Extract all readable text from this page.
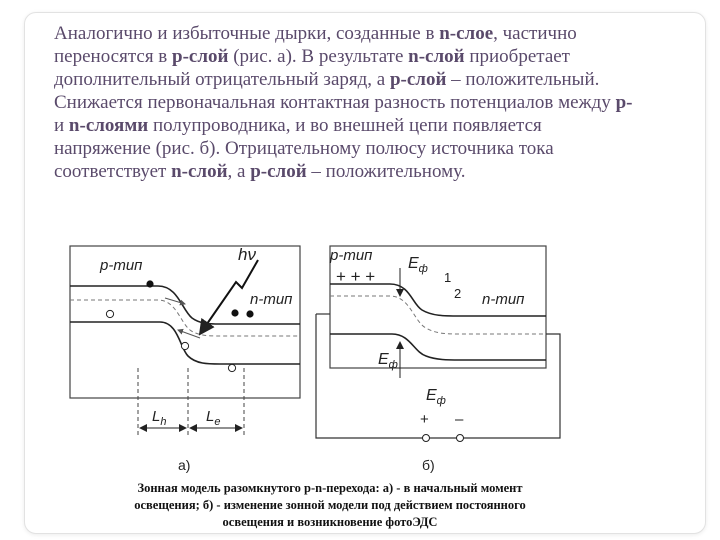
Аналогично и избыточные дырки, созданные в n-слое, частично переносятся в p-слой (рис. а). В результате n-слой приобретает дополнительный отрицательный заряд, а p-слой – положительный. Снижается первоначальная контактная разность потенциалов между p- и n-слоями полупроводника, и во внешней цепи появляется напряжение (рис. б). Отрицательному полюсу источника тока соответствует n-слой, а p-слой – положительному.
p-тип
n-тип
hν
$L_h$	$L_e$
а)
p-тип
+ + +
$E_ф$
$E_ф$
$E_ф$
1
2 n-тип
+ –
б)
Зонная модель разомкнутого p-n-перехода: а) - в начальный момент
освещения; б) - изменение зонной модели под действием постоянного
освещения и возникновение фотоЭДС
